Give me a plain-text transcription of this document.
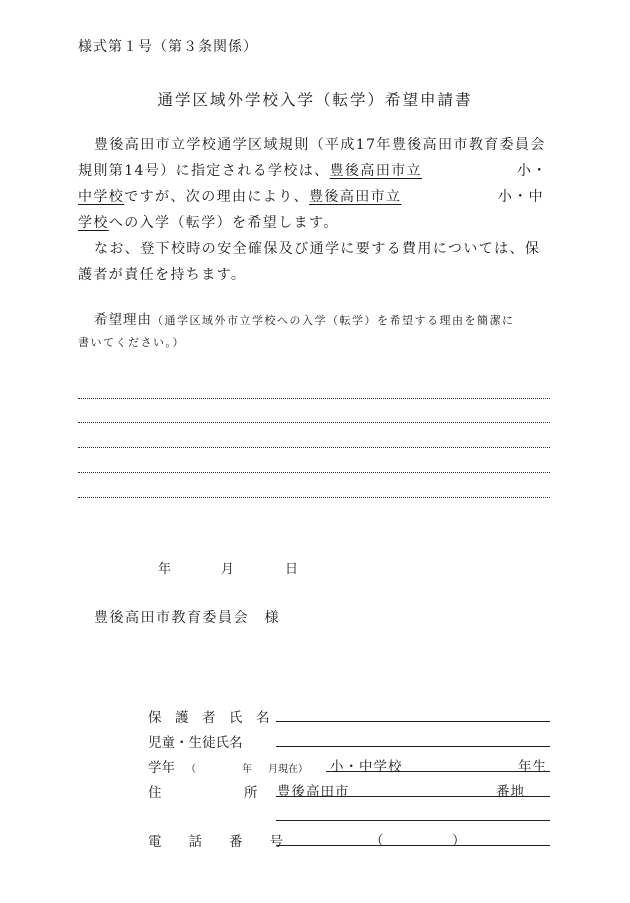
様式第１号（第３条関係）
通学区域外学校入学（転学）希望申請書
豊後高田市立学校通学区域規則（平成17年豊後高田市教育委員会
規則第14号）に指定される学校は、豊後高田市立	小・
中学校ですが、次の理由により、豊後高田市立	小・中
学校への入学（転学）を希望します。
なお、登下校時の安全確保及び通学に要する費用については、保
護者が責任を持ちます。
希望理由（通学区域外市立学校への入学（転学）を希望する理由を簡潔に
書いてください。）
年	月	日
豊後高田市教育委員会　様
保　護　者　氏　名
児童・生徒氏名
学年 （	年 月現在） 小・中学校	年生
住	所 豊後高田市	番地
電　　話　　番　　号	（	）
